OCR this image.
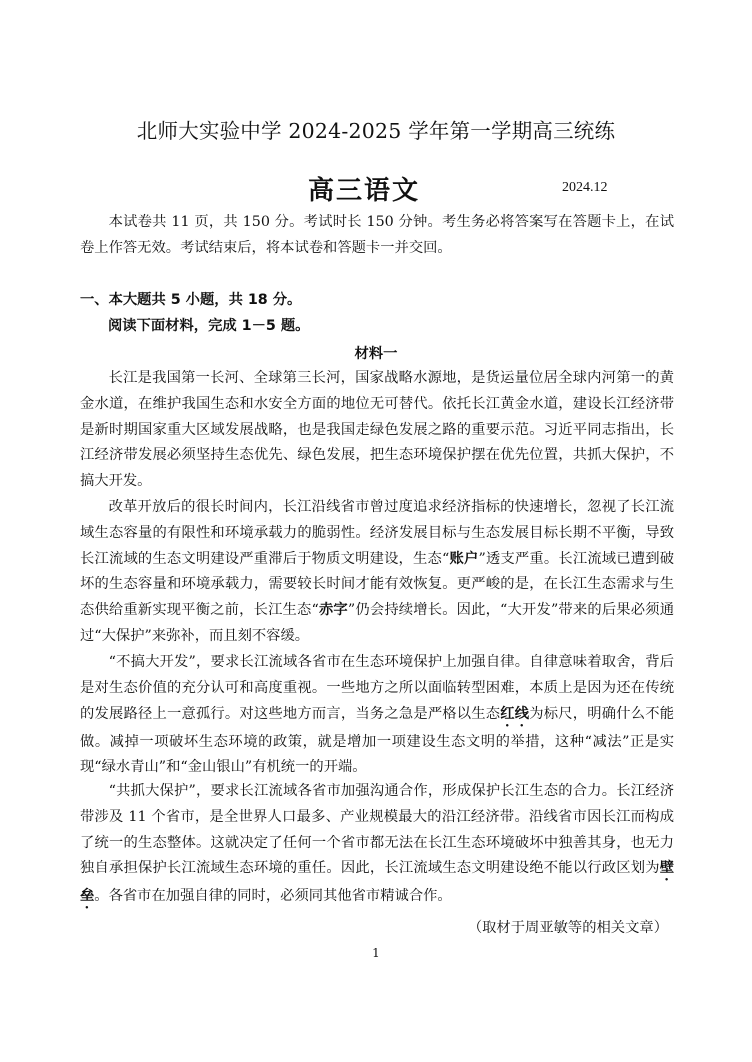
北师大实验中学 2024-2025 学年第一学期高三统练
高三语文	2024.12
本试卷共 11 页，共 150 分。考试时长 150 分钟。考生务必将答案写在答题卡上，在试卷上作答无效。考试结束后，将本试卷和答题卡一并交回。
一、本大题共 5 小题，共 18 分。
阅读下面材料，完成 1－5 题。
材料一
长江是我国第一长河、全球第三长河，国家战略水源地，是货运量位居全球内河第一的黄金水道，在维护我国生态和水安全方面的地位无可替代。依托长江黄金水道，建设长江经济带是新时期国家重大区域发展战略，也是我国走绿色发展之路的重要示范。习近平同志指出，长江经济带发展必须坚持生态优先、绿色发展，把生态环境保护摆在优先位置，共抓大保护，不搞大开发。
改革开放后的很长时间内，长江沿线省市曾过度追求经济指标的快速增长，忽视了长江流域生态容量的有限性和环境承载力的脆弱性。经济发展目标与生态发展目标长期不平衡，导致长江流域的生态文明建设严重滞后于物质文明建设，生态“账户”透支严重。长江流域已遭到破坏的生态容量和环境承载力，需要较长时间才能有效恢复。更严峻的是，在长江生态需求与生态供给重新实现平衡之前，长江生态“赤字”仍会持续增长。因此，“大开发”带来的后果必须通过“大保护”来弥补，而且刻不容缓。
“不搞大开发”，要求长江流域各省市在生态环境保护上加强自律。自律意味着取舍，背后是对生态价值的充分认可和高度重视。一些地方之所以面临转型困难，本质上是因为还在传统的发展路径上一意孤行。对这些地方而言，当务之急是严格以生态红线为标尺，明确什么不能做。减掉一项破坏生态环境的政策，就是增加一项建设生态文明的举措，这种“减法”正是实现“绿水青山”和“金山银山”有机统一的开端。
“共抓大保护”，要求长江流域各省市加强沟通合作，形成保护长江生态的合力。长江经济带涉及 11 个省市，是全世界人口最多、产业规模最大的沿江经济带。沿线省市因长江而构成了统一的生态整体。这就决定了任何一个省市都无法在长江生态环境破坏中独善其身，也无力独自承担保护长江流域生态环境的重任。因此，长江流域生态文明建设绝不能以行政区划为壁垒。各省市在加强自律的同时，必须同其他省市精诚合作。
（取材于周亚敏等的相关文章）
1
